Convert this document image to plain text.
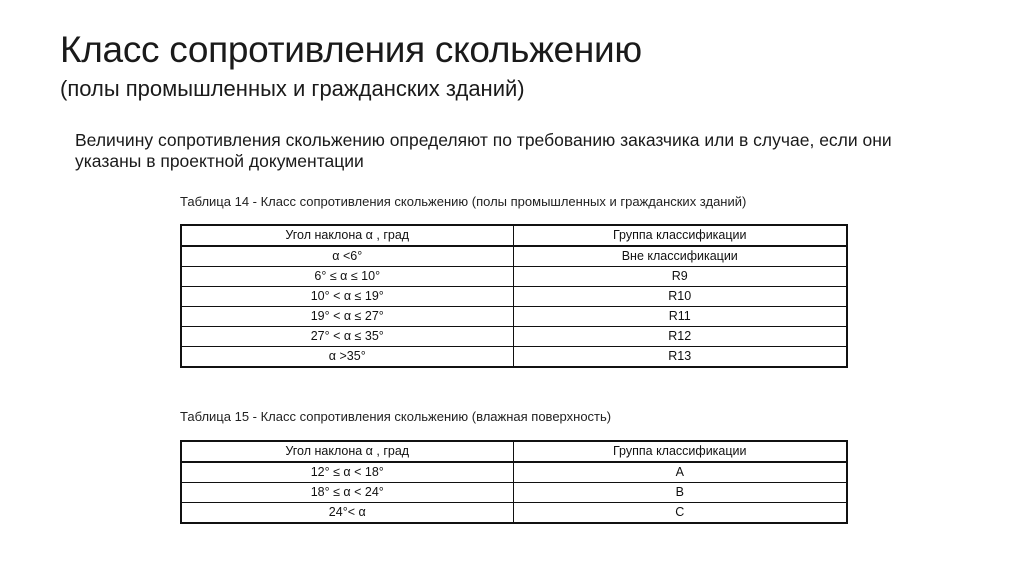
Класс сопротивления скольжению
(полы промышленных и гражданских зданий)
Величину сопротивления скольжению определяют по требованию заказчика или в случае, если они указаны в проектной документации
Таблица 14 - Класс сопротивления скольжению (полы промышленных и гражданских зданий)
Угол наклона α , град	Группа классификации
α <6°	Вне классификации
6° ≤ α ≤ 10°	R9
10° < α ≤ 19°	R10
19° < α ≤ 27°	R11
27° < α ≤ 35°	R12
α >35°	R13
Таблица 15 - Класс сопротивления скольжению (влажная поверхность)
Угол наклона α , град	Группа классификации
12° ≤ α < 18°	A
18° ≤ α < 24°	B
24°< α	C
